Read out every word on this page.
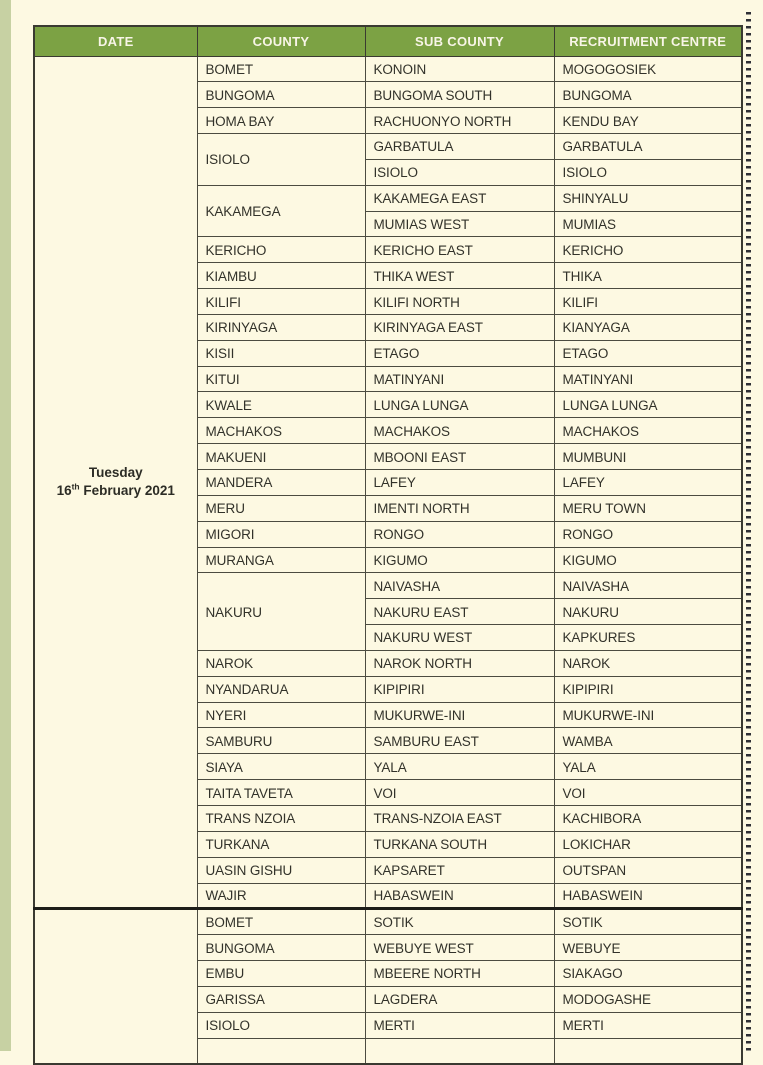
DATE	COUNTY	SUB COUNTY	RECRUITMENT CENTRE

Tuesday
16th February 2021	BOMET	KONOIN	MOGOGOSIEK
	BUNGOMA	BUNGOMA SOUTH	BUNGOMA
	HOMA BAY	RACHUONYO NORTH	KENDU BAY
	ISIOLO	GARBATULA	GARBATULA
		ISIOLO	ISIOLO
	KAKAMEGA	KAKAMEGA EAST	SHINYALU
		MUMIAS WEST	MUMIAS
	KERICHO	KERICHO EAST	KERICHO
	KIAMBU	THIKA WEST	THIKA
	KILIFI	KILIFI NORTH	KILIFI
	KIRINYAGA	KIRINYAGA EAST	KIANYAGA
	KISII	ETAGO	ETAGO
	KITUI	MATINYANI	MATINYANI
	KWALE	LUNGA LUNGA	LUNGA LUNGA
	MACHAKOS	MACHAKOS	MACHAKOS
	MAKUENI	MBOONI EAST	MUMBUNI
	MANDERA	LAFEY	LAFEY
	MERU	IMENTI NORTH	MERU TOWN
	MIGORI	RONGO	RONGO
	MURANGA	KIGUMO	KIGUMO
	NAKURU	NAIVASHA	NAIVASHA
		NAKURU EAST	NAKURU
		NAKURU WEST	KAPKURES
	NAROK	NAROK NORTH	NAROK
	NYANDARUA	KIPIPIRI	KIPIPIRI
	NYERI	MUKURWE-INI	MUKURWE-INI
	SAMBURU	SAMBURU EAST	WAMBA
	SIAYA	YALA	YALA
	TAITA TAVETA	VOI	VOI
	TRANS NZOIA	TRANS-NZOIA EAST	KACHIBORA
	TURKANA	TURKANA SOUTH	LOKICHAR
	UASIN GISHU	KAPSARET	OUTSPAN
	WAJIR	HABASWEIN	HABASWEIN
	BOMET	SOTIK	SOTIK
	BUNGOMA	WEBUYE WEST	WEBUYE
	EMBU	MBEERE NORTH	SIAKAGO
	GARISSA	LAGDERA	MODOGASHE
	ISIOLO	MERTI	MERTI
